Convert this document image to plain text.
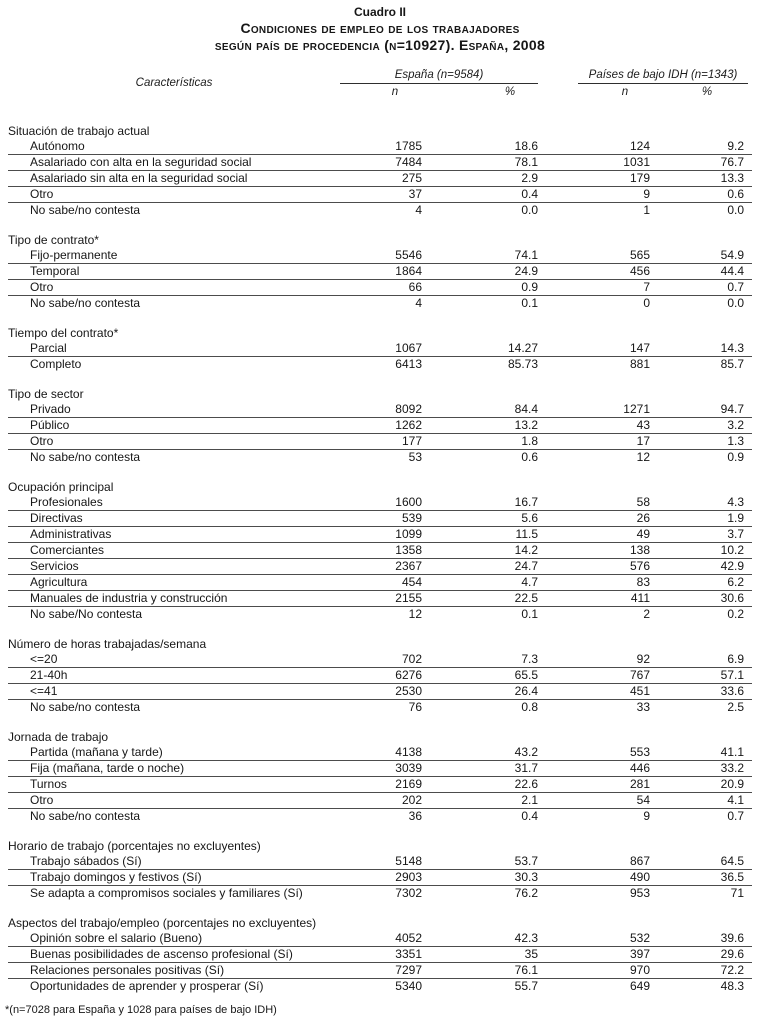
Cuadro II
Condiciones de empleo de los trabajadores
según país de procedencia (n=10927). España, 2008
Características
España (n=9584)	Países de bajo IDH (n=1343)
n	%	n	%
Situación de trabajo actual
Autónomo	1785	18.6	124	9.2
Asalariado con alta en la seguridad social	7484	78.1	1031	76.7
Asalariado sin alta en la seguridad social	275	2.9	179	13.3
Otro	37	0.4	9	0.6
No sabe/no contesta	4	0.0	1	0.0
Tipo de contrato*
Fijo-permanente	5546	74.1	565	54.9
Temporal	1864	24.9	456	44.4
Otro	66	0.9	7	0.7
No sabe/no contesta	4	0.1	0	0.0
Tiempo del contrato*
Parcial	1067	14.27	147	14.3
Completo	6413	85.73	881	85.7
Tipo de sector
Privado	8092	84.4	1271	94.7
Público	1262	13.2	43	3.2
Otro	177	1.8	17	1.3
No sabe/no contesta	53	0.6	12	0.9
Ocupación principal
Profesionales	1600	16.7	58	4.3
Directivas	539	5.6	26	1.9
Administrativas	1099	11.5	49	3.7
Comerciantes	1358	14.2	138	10.2
Servicios	2367	24.7	576	42.9
Agricultura	454	4.7	83	6.2
Manuales de industria y construcción	2155	22.5	411	30.6
No sabe/No contesta	12	0.1	2	0.2
Número de horas trabajadas/semana
<=20	702	7.3	92	6.9
21-40h	6276	65.5	767	57.1
<=41	2530	26.4	451	33.6
No sabe/no contesta	76	0.8	33	2.5
Jornada de trabajo
Partida (mañana y tarde)	4138	43.2	553	41.1
Fija (mañana, tarde o noche)	3039	31.7	446	33.2
Turnos	2169	22.6	281	20.9
Otro	202	2.1	54	4.1
No sabe/no contesta	36	0.4	9	0.7
Horario de trabajo (porcentajes no excluyentes)
Trabajo sábados (Sí)	5148	53.7	867	64.5
Trabajo domingos y festivos (Sí)	2903	30.3	490	36.5
Se adapta a compromisos sociales y familiares (Sí)	7302	76.2	953	71
Aspectos del trabajo/empleo (porcentajes no excluyentes)
Opinión sobre el salario (Bueno)	4052	42.3	532	39.6
Buenas posibilidades de ascenso profesional (Sí)	3351	35	397	29.6
Relaciones personales positivas (Sí)	7297	76.1	970	72.2
Oportunidades de aprender y prosperar (Sí)	5340	55.7	649	48.3
*(n=7028 para España y 1028 para países de bajo IDH)
